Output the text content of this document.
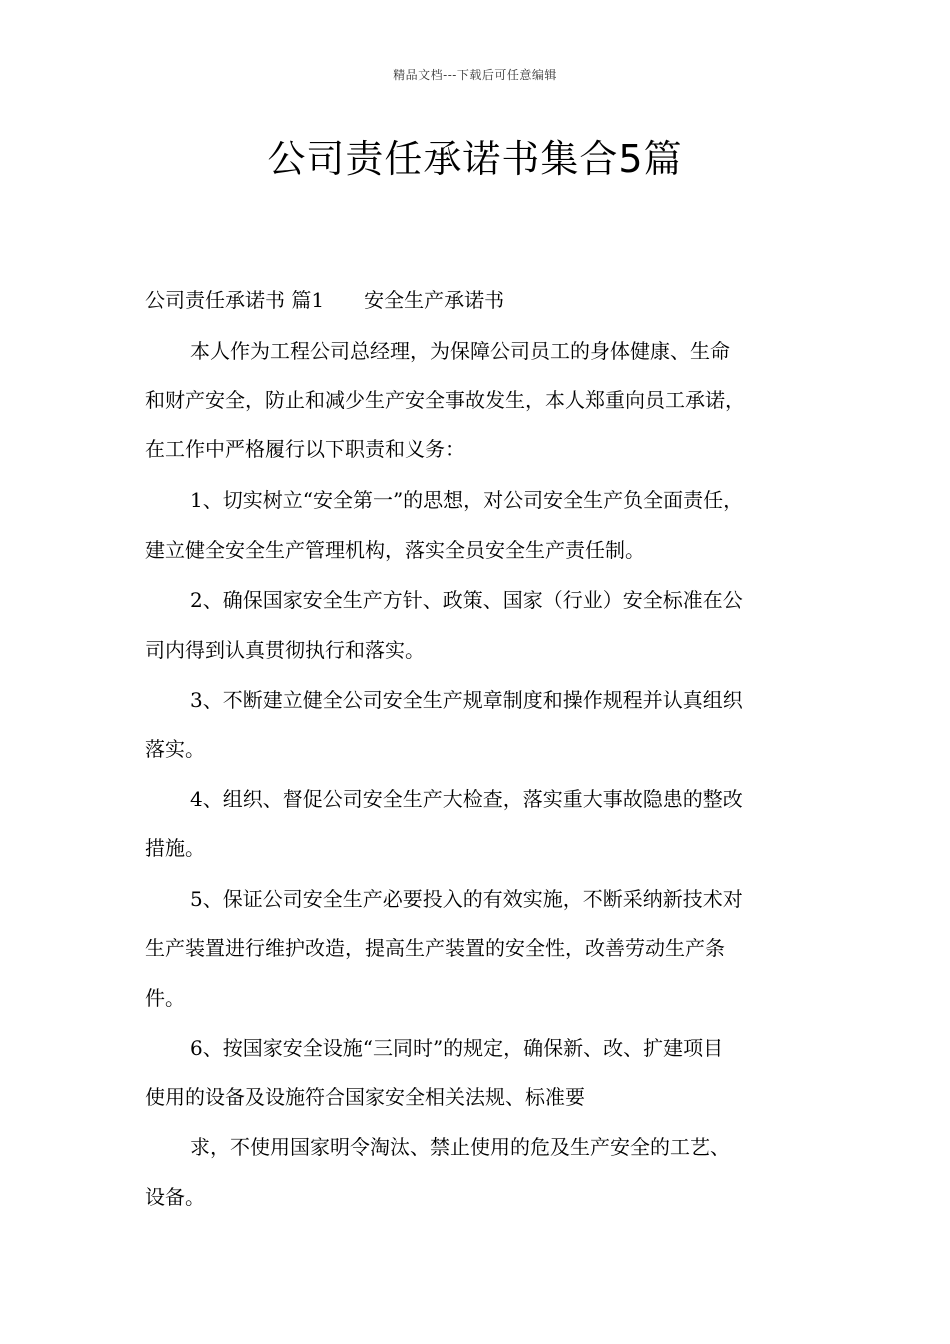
精品文档---下载后可任意编辑
公司责任承诺书集合5篇

公司责任承诺书 篇1　　安全生产承诺书

本人作为工程公司总经理，为保障公司员工的身体健康、生命

和财产安全，防止和减少生产安全事故发生，本人郑重向员工承诺，

在工作中严格履行以下职责和义务：

1、切实树立“安全第一”的思想，对公司安全生产负全面责任，

建立健全安全生产管理机构，落实全员安全生产责任制。

2、确保国家安全生产方针、政策、国家（行业）安全标准在公

司内得到认真贯彻执行和落实。

3、不断建立健全公司安全生产规章制度和操作规程并认真组织

落实。

4、组织、督促公司安全生产大检查，落实重大事故隐患的整改

措施。

5、保证公司安全生产必要投入的有效实施，不断采纳新技术对

生产装置进行维护改造，提高生产装置的安全性，改善劳动生产条

件。

6、按国家安全设施“三同时”的规定，确保新、改、扩建项目

使用的设备及设施符合国家安全相关法规、标准要

求，不使用国家明令淘汰、禁止使用的危及生产安全的工艺、

设备。
